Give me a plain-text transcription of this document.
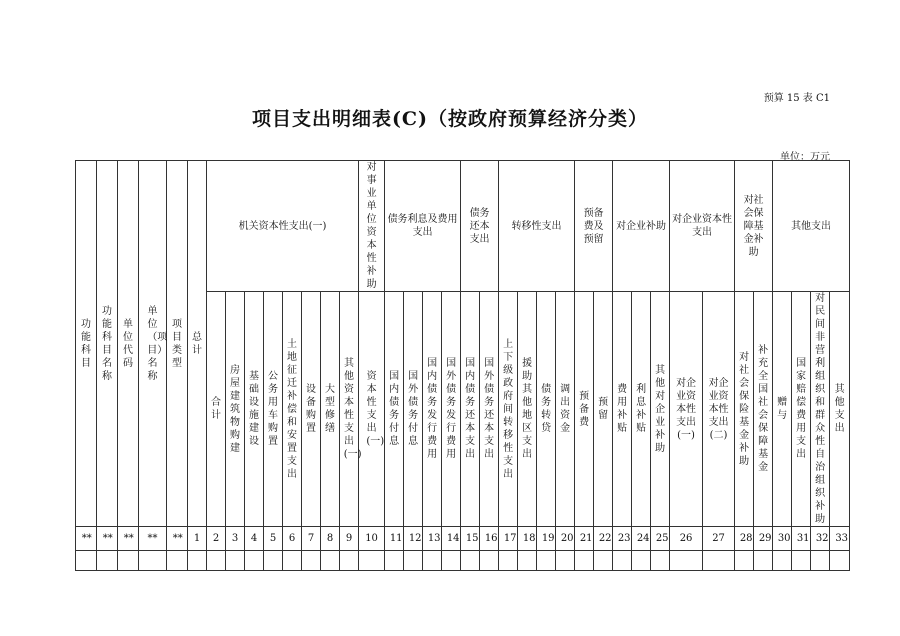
预算 15 表 C1
项目支出明细表(C)（按政府预算经济分类）
单位：万元
功能科目	功能科目名称	单位代码	单位（项目）名称	项目类型	总计	机关资本性支出(一)								对事业单位资本性补助	债务利息及费用支出				债务还本支出		转移性支出				预备费及预留		对企业补助			对企业资本性支出		对社会保障基金补助		其他支出			
						合计	房屋建筑物购建	基础设施建设	公务用车购置	土地征迁补偿和安置支出	设备购置	大型修缮	其他资本性支出(一)	资本性支出(一)	国内债务付息	国外债务付息	国内债务发行费用	国外债务发行费用	国内债务还本支出	国外债务还本支出	上下级政府间转移性支出	援助其他地区支出	债务转贷	调出资金	预备费	预留	费用补贴	利息补贴	其他对企业补助	对企业资本性支出(一)	对企业资本性支出(二)	对社会保险基金补助	补充全国社会保障基金	赠与	国家赔偿费用支出	对民间非营利组织和群众性自治组织补助	其他支出
**	**	**	**	**	1	2	3	4	5	6	7	8	9	10	11	12	13	14	15	16	17	18	19	20	21	22	23	24	25	26	27	28	29	30	31	32	33
